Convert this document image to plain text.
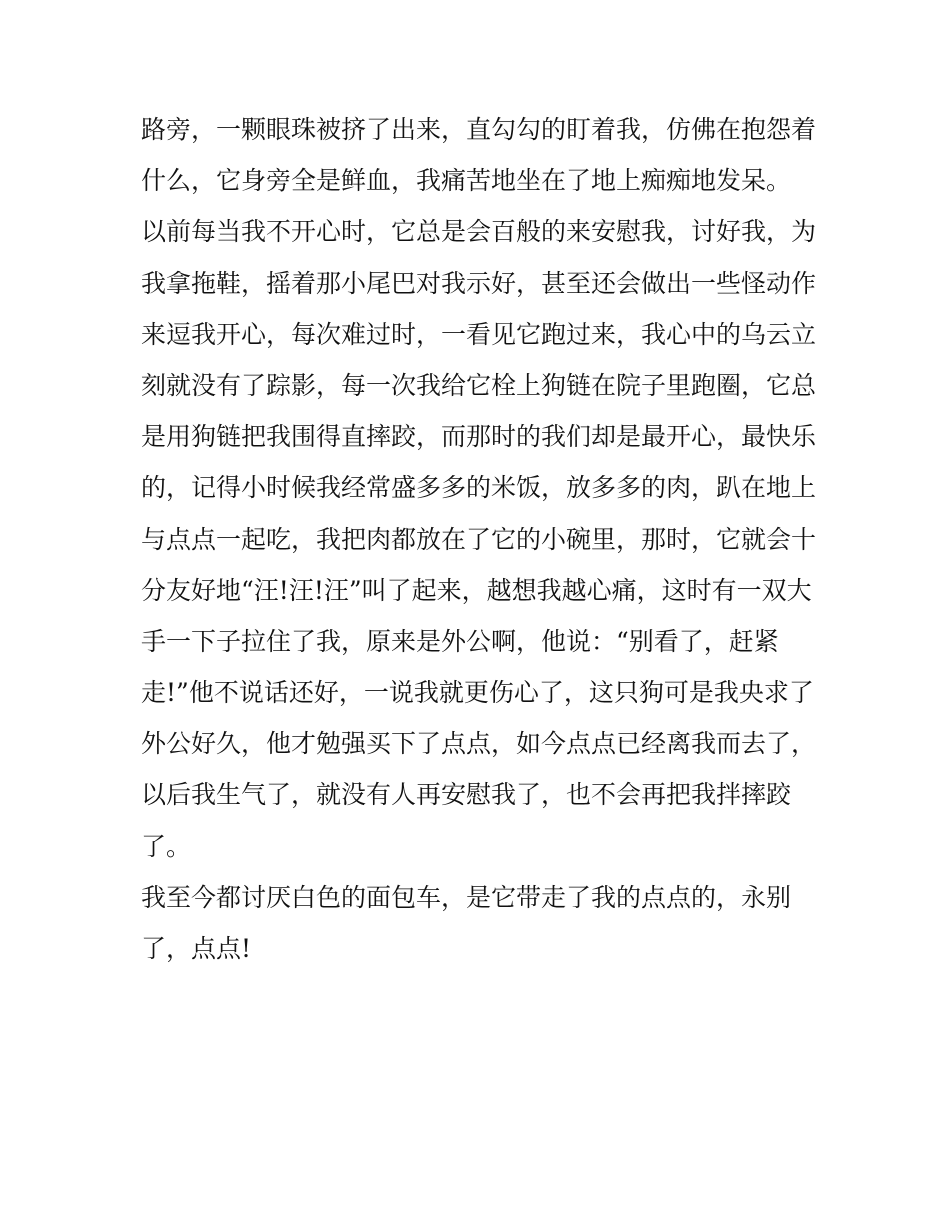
路旁，一颗眼珠被挤了出来，直勾勾的盯着我，仿佛在抱怨着
什么，它身旁全是鲜血，我痛苦地坐在了地上痴痴地发呆。
以前每当我不开心时，它总是会百般的来安慰我，讨好我，为
我拿拖鞋，摇着那小尾巴对我示好，甚至还会做出一些怪动作
来逗我开心，每次难过时，一看见它跑过来，我心中的乌云立
刻就没有了踪影，每一次我给它栓上狗链在院子里跑圈，它总
是用狗链把我围得直摔跤，而那时的我们却是最开心，最快乐
的，记得小时候我经常盛多多的米饭，放多多的肉，趴在地上
与点点一起吃，我把肉都放在了它的小碗里，那时，它就会十
分友好地“汪!汪!汪”叫了起来，越想我越心痛，这时有一双大
手一下子拉住了我，原来是外公啊，他说：“别看了，赶紧
走!”他不说话还好，一说我就更伤心了，这只狗可是我央求了
外公好久，他才勉强买下了点点，如今点点已经离我而去了，
以后我生气了，就没有人再安慰我了，也不会再把我拌摔跤
了。
我至今都讨厌白色的面包车，是它带走了我的点点的，永别
了，点点!
